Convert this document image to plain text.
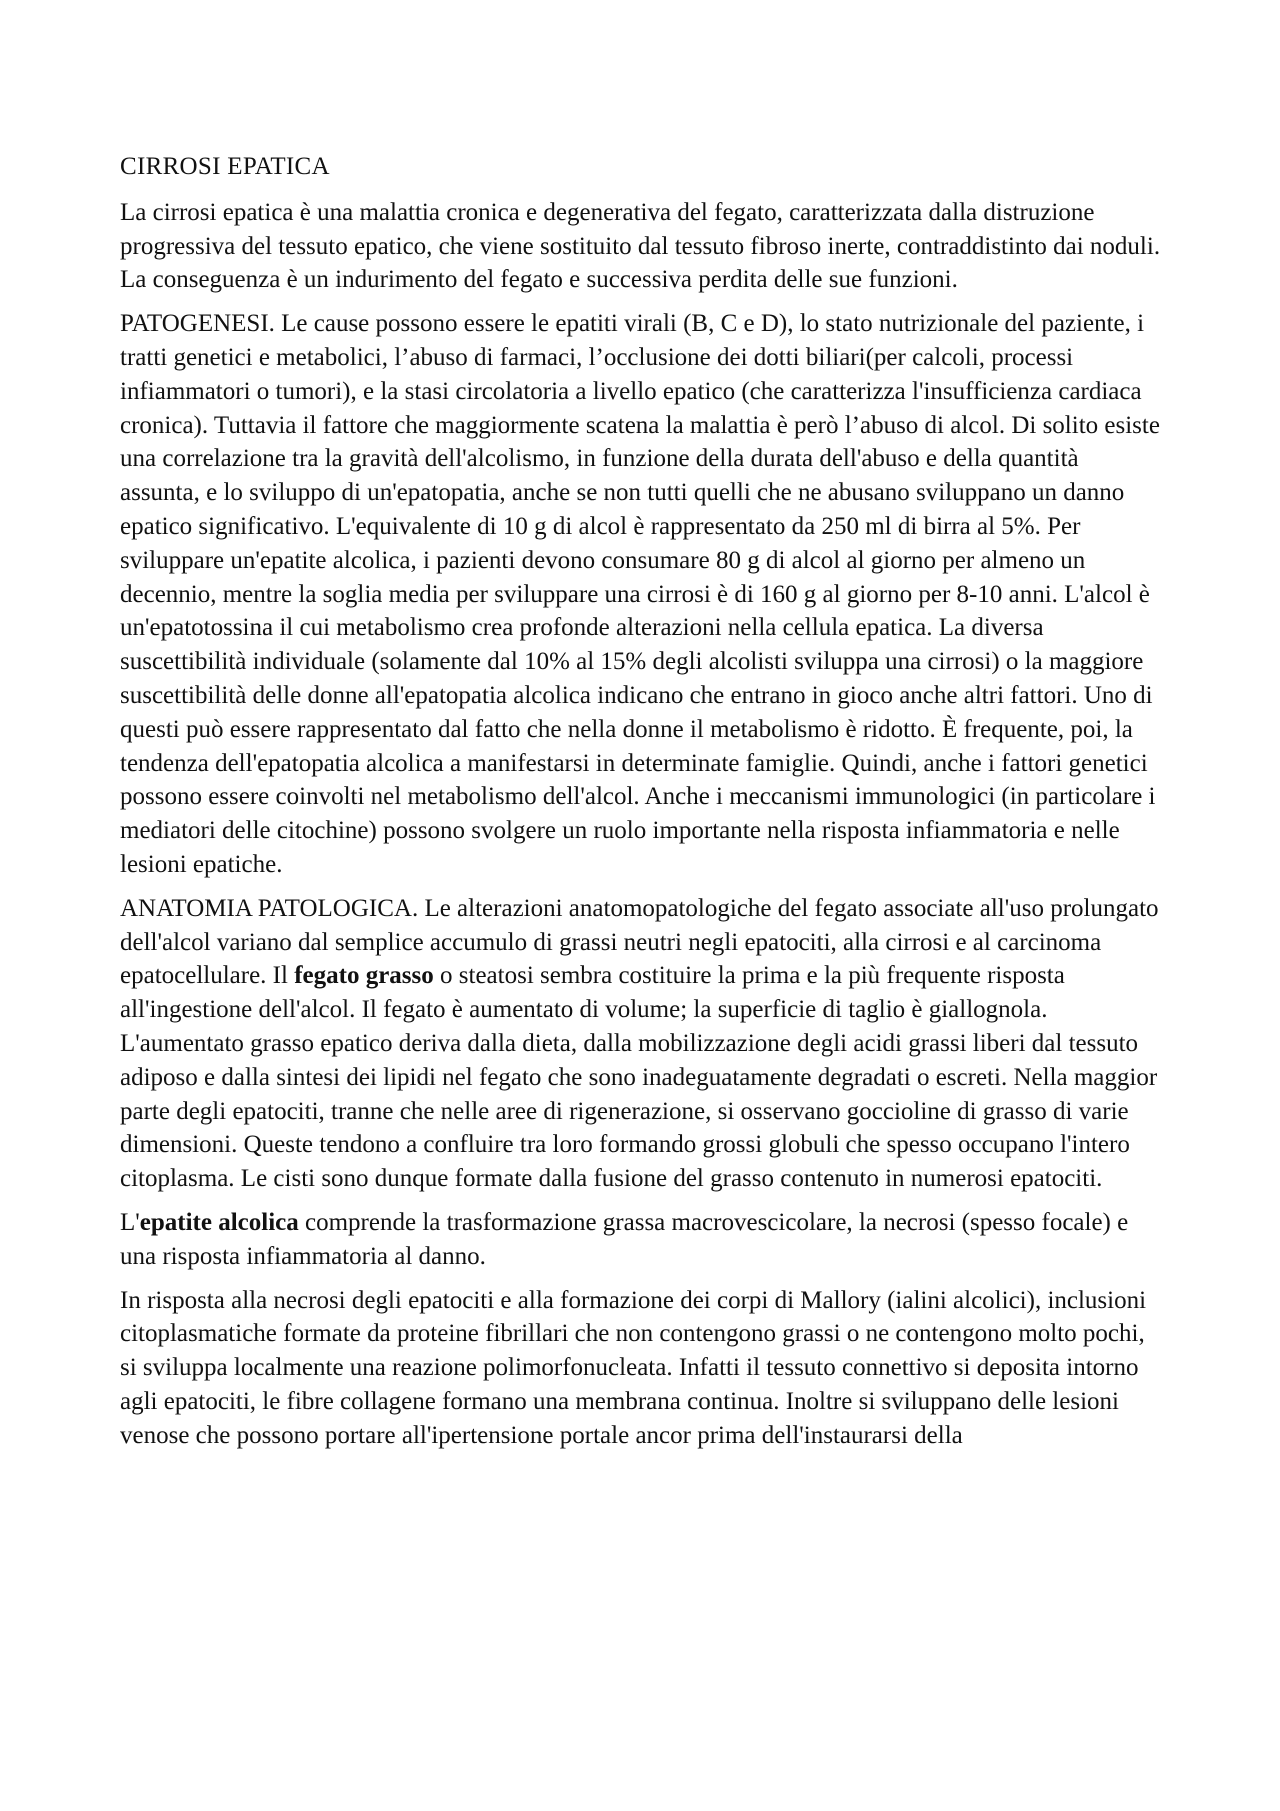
CIRROSI EPATICA

La cirrosi epatica è una malattia cronica e degenerativa del fegato, caratterizzata dalla distruzione progressiva del tessuto epatico, che viene sostituito dal tessuto fibroso inerte, contraddistinto dai noduli. La conseguenza è un indurimento del fegato e successiva perdita delle sue funzioni.

PATOGENESI. Le cause possono essere le epatiti virali (B, C e D), lo stato nutrizionale del paziente, i tratti genetici e metabolici, l’abuso di farmaci, l’occlusione dei dotti biliari(per calcoli, processi infiammatori o tumori), e la stasi circolatoria a livello epatico (che caratterizza l'insufficienza cardiaca cronica). Tuttavia il fattore che maggiormente scatena la malattia è però l’abuso di alcol. Di solito esiste una correlazione tra la gravità dell'alcolismo, in funzione della durata dell'abuso e della quantità assunta, e lo sviluppo di un'epatopatia, anche se non tutti quelli che ne abusano sviluppano un danno epatico significativo. L'equivalente di 10 g di alcol è rappresentato da 250 ml di birra al 5%. Per sviluppare un'epatite alcolica, i pazienti devono consumare 80 g di alcol al giorno per almeno un decennio, mentre la soglia media per sviluppare una cirrosi è di 160 g al giorno per 8-10 anni. L'alcol è un'epatotossina il cui metabolismo crea profonde alterazioni nella cellula epatica. La diversa suscettibilità individuale (solamente dal 10% al 15% degli alcolisti sviluppa una cirrosi) o la maggiore suscettibilità delle donne all'epatopatia alcolica indicano che entrano in gioco anche altri fattori. Uno di questi può essere rappresentato dal fatto che nella donne il metabolismo è ridotto. È frequente, poi, la tendenza dell'epatopatia alcolica a manifestarsi in determinate famiglie. Quindi, anche i fattori genetici possono essere coinvolti nel metabolismo dell'alcol. Anche i meccanismi immunologici (in particolare i mediatori delle citochine) possono svolgere un ruolo importante nella risposta infiammatoria e nelle lesioni epatiche.

ANATOMIA PATOLOGICA. Le alterazioni anatomopatologiche del fegato associate all'uso prolungato dell'alcol variano dal semplice accumulo di grassi neutri negli epatociti, alla cirrosi e al carcinoma epatocellulare. Il fegato grasso o steatosi sembra costituire la prima e la più frequente risposta all'ingestione dell'alcol. Il fegato è aumentato di volume; la superficie di taglio è giallognola. L'aumentato grasso epatico deriva dalla dieta, dalla mobilizzazione degli acidi grassi liberi dal tessuto adiposo e dalla sintesi dei lipidi nel fegato che sono inadeguatamente degradati o escreti. Nella maggior parte degli epatociti, tranne che nelle aree di rigenerazione, si osservano goccioline di grasso di varie dimensioni. Queste tendono a confluire tra loro formando grossi globuli che spesso occupano l'intero citoplasma. Le cisti sono dunque formate dalla fusione del grasso contenuto in numerosi epatociti.

L'epatite alcolica comprende la trasformazione grassa macrovescicolare, la necrosi (spesso focale) e una risposta infiammatoria al danno.

In risposta alla necrosi degli epatociti e alla formazione dei corpi di Mallory (ialini alcolici), inclusioni citoplasmatiche formate da proteine fibrillari che non contengono grassi o ne contengono molto pochi, si sviluppa localmente una reazione polimorfonucleata. Infatti il tessuto connettivo si deposita intorno agli epatociti, le fibre collagene formano una membrana continua. Inoltre si sviluppano delle lesioni venose che possono portare all'ipertensione portale ancor prima dell'instaurarsi della
